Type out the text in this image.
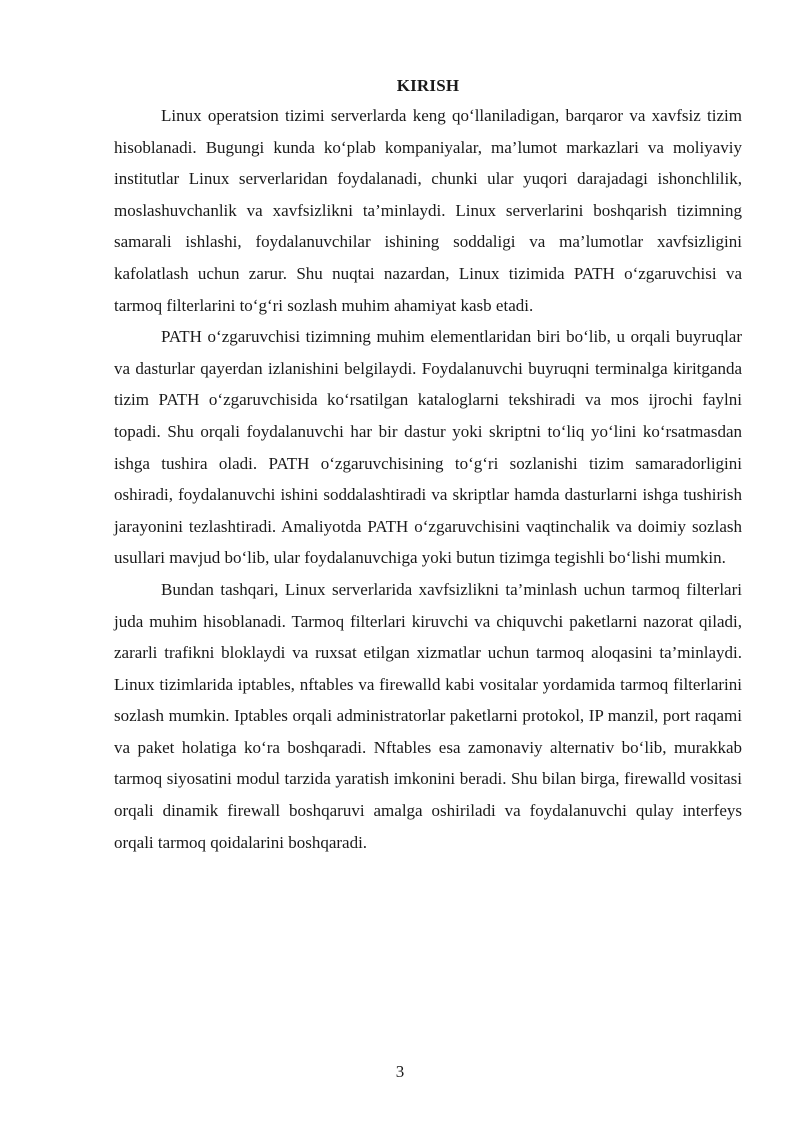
KIRISH

Linux operatsion tizimi serverlarda keng qo‘llaniladigan, barqaror va xavfsiz tizim hisoblanadi. Bugungi kunda ko‘plab kompaniyalar, ma’lumot markazlari va moliyaviy institutlar Linux serverlaridan foydalanadi, chunki ular yuqori darajadagi ishonchlilik, moslashuvchanlik va xavfsizlikni ta’minlaydi. Linux serverlarini boshqarish tizimning samarali ishlashi, foydalanuvchilar ishining soddaligi va ma’lumotlar xavfsizligini kafolatlash uchun zarur. Shu nuqtai nazardan, Linux tizimida PATH o‘zgaruvchisi va tarmoq filterlarini to‘g‘ri sozlash muhim ahamiyat kasb etadi.

PATH o‘zgaruvchisi tizimning muhim elementlaridan biri bo‘lib, u orqali buyruqlar va dasturlar qayerdan izlanishini belgilaydi. Foydalanuvchi buyruqni terminalga kiritganda tizim PATH o‘zgaruvchisida ko‘rsatilgan kataloglarni tekshiradi va mos ijrochi faylni topadi. Shu orqali foydalanuvchi har bir dastur yoki skriptni to‘liq yo‘lini ko‘rsatmasdan ishga tushira oladi. PATH o‘zgaruvchisining to‘g‘ri sozlanishi tizim samaradorligini oshiradi, foydalanuvchi ishini soddalashtiradi va skriptlar hamda dasturlarni ishga tushirish jarayonini tezlashtiradi. Amaliyotda PATH o‘zgaruvchisini vaqtinchalik va doimiy sozlash usullari mavjud bo‘lib, ular foydalanuvchiga yoki butun tizimga tegishli bo‘lishi mumkin.

Bundan tashqari, Linux serverlarida xavfsizlikni ta’minlash uchun tarmoq filterlari juda muhim hisoblanadi. Tarmoq filterlari kiruvchi va chiquvchi paketlarni nazorat qiladi, zararli trafikni bloklaydi va ruxsat etilgan xizmatlar uchun tarmoq aloqasini ta’minlaydi. Linux tizimlarida iptables, nftables va firewalld kabi vositalar yordamida tarmoq filterlarini sozlash mumkin. Iptables orqali administratorlar paketlarni protokol, IP manzil, port raqami va paket holatiga ko‘ra boshqaradi. Nftables esa zamonaviy alternativ bo‘lib, murakkab tarmoq siyosatini modul tarzida yaratish imkonini beradi. Shu bilan birga, firewalld vositasi orqali dinamik firewall boshqaruvi amalga oshiriladi va foydalanuvchi qulay interfeys orqali tarmoq qoidalarini boshqaradi.

3
